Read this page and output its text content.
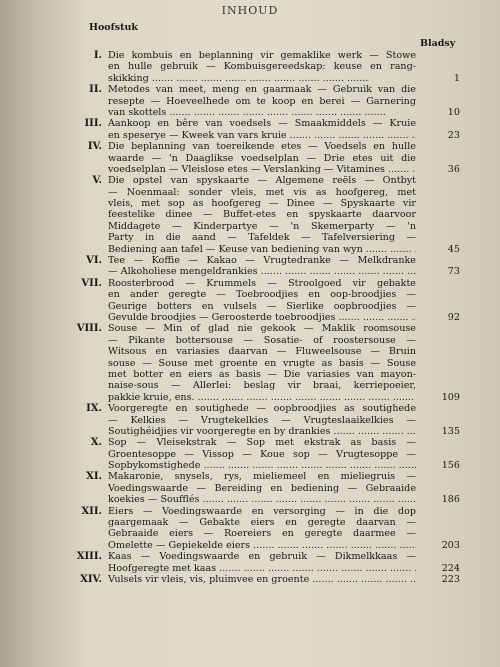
INHOUD
Hoofstuk
Bladsy
I. Die kombuis en beplanning vir gemaklike werk — Stowe
en hulle gebruik — Kombuisgereedskap: keuse en rang-
skikking .....	1
II. Metodes van meet, meng en gaarmaak — Gebruik van die
resepte — Hoeveelhede om te koop en berei — Garnering
van skottels .....	10
III. Aankoop en bêre van voedsels — Smaakmiddels — Kruie
en speserye — Kweek van vars kruie .....	23
IV. Die beplanning van toereikende etes — Voedsels en hulle
waarde — 'n Daaglikse voedselplan — Drie etes uit die
voedselplan — Vleislose etes — Verslanking — Vitamines .....	36
V. Die opstel van spyskaarte — Algemene reëls — Ontbyt
— Noenmaal: sonder vleis, met vis as hoofgereg, met
vleis, met sop as hoofgereg — Dinee — Spyskaarte vir
feestelike dinee — Buffet-etes en spyskaarte daarvoor
Middagete — Kinderpartye — 'n Skemerparty — 'n
Party in die aand — Tafeldek — Tafelversiering —
Bediening aan tafel — Keuse van bediening van wyn .....	45
VI. Tee — Koffie — Kakao — Vrugtedranke — Melkdranke
— Alkoholiese mengeldrankies .....	73
VII. Roosterbrood — Krummels — Stroolgoed vir gebakte
en ander geregte — Toebroodjies en oop-broodjies —
Geurige botters en vulsels — Sierlike oopbroodjies —
Gevulde broodjies — Geroosterde toebroodjies .....	92
VIII. Souse — Min of glad nie gekook — Maklik roomsouse
— Pikante bottersouse — Sosatie- of roostersouse —
Witsous en variasies daarvan — Fluweelsouse — Bruin
souse — Souse met groente en vrugte as basis — Souse
met botter en eiers as basis — Die variasies van mayon-
naise-sous — Allerlei: beslag vir braai, kerriepoeier,
pakkie kruie, ens. .....	109
IX. Voorgeregte en soutighede — oopbroodjies as soutighede
— Kelkies — Vrugtekelkies — Vrugteslaaikelkies —
Soutighéidjies vir voorgeregte en by drankies .....	135
X. Sop — Vleisekstrak — Sop met ekstrak as basis —
Groentesoppe — Vissop — Koue sop — Vrugtesoppe —
Sopbykomstighede .....	156
XI. Makaronie, snysels, rys, mieliemeel en mieliegruis —
Voedingswaarde — Bereiding en bediening — Gebraaide
koekies — Soufflés .....	186
XII. Eiers — Voedingswaarde en versorging — in die dop
gaargemaak — Gebakte eiers en geregte daarvan —
Gebraaide eiers — Roereiers en geregte daarmee —
Omelette — Gepiekelde eiers .....	203
XIII. Kaas — Voedingswaarde en gebruik — Dikmelkkaas —
Hoofgeregte met kaas .....	224
XIV. Vulsels vir vleis, vis, pluimvee en groente .....	223
